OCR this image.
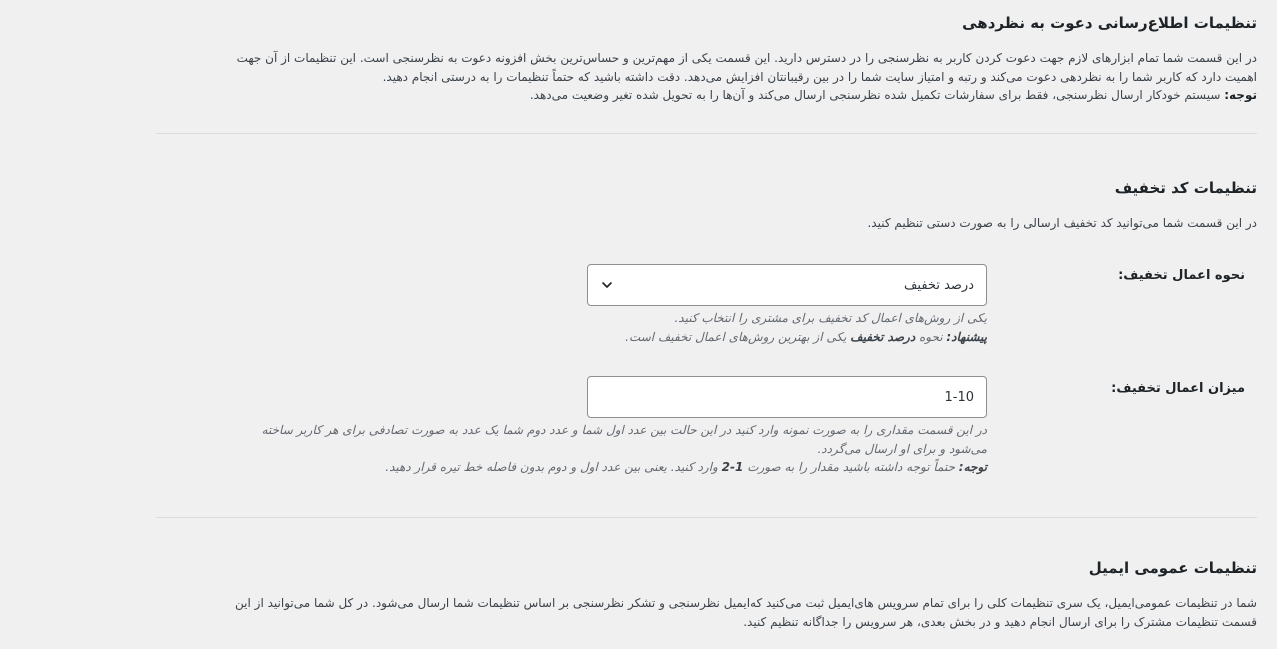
تنظیمات اطلاع‌رسانی دعوت به نظردهی

در این قسمت شما تمام ابزارهای لازم جهت دعوت کردن کاربر به نظرسنجی را در دسترس دارید. این قسمت یکی از مهم‌ترین و حساس‌ترین بخش افزونه دعوت به نظرسنجی است. این تنظیمات از آن جهت

اهمیت دارد که کاربر شما را به نظردهی دعوت می‌کند و رتبه و امتیاز سایت شما را در بین رقیبانتان افزایش می‌دهد. دقت داشته باشید که حتماً تنظیمات را به درستی انجام دهید.

توجه: سیستم خودکار ارسال نظرسنجی، فقط برای سفارشات تکمیل شده نظرسنجی ارسال می‌کند و آن‌ها را به تحویل شده تغیر وضعیت می‌دهد.

تنظیمات کد تخفیف

در این قسمت شما می‌توانید کد تخفیف ارسالی را به صورت دستی تنظیم کنید.

نحوه اعمال تخفیف:
درصد تخفیف
یکی از روش‌های اعمال کد تخفیف برای مشتری را انتخاب کنید.
پیشنهاد: نحوه درصد تخفیف یکی از بهترین روش‌های اعمال تخفیف است.
میزان اعمال تخفیف:
1-10
در این قسمت مقداری را به صورت نمونه وارد کنید در این حالت بین عدد اول شما و عدد دوم شما یک عدد به صورت تصادفی برای هر کاربر ساخته
می‌شود و برای او ارسال می‌گردد.
توجه: حتماً توجه داشته باشید مقدار را به صورت 1-2 وارد کنید. یعنی بین عدد اول و دوم بدون فاصله خط تیره قرار دهید.
تنظیمات عمومی ایمیل

شما در تنظیمات عمومی‌ایمیل، یک سری تنظیمات کلی را برای تمام سرویس های‌ایمیل ثبت می‌کنید که‌ایمیل نظرسنجی و تشکر نظرسنجی بر اساس تنظیمات شما ارسال می‌شود. در کل شما می‌توانید از این

قسمت تنظیمات مشترک را برای ارسال انجام دهید و در بخش بعدی، هر سرویس را جداگانه تنظیم کنید.
